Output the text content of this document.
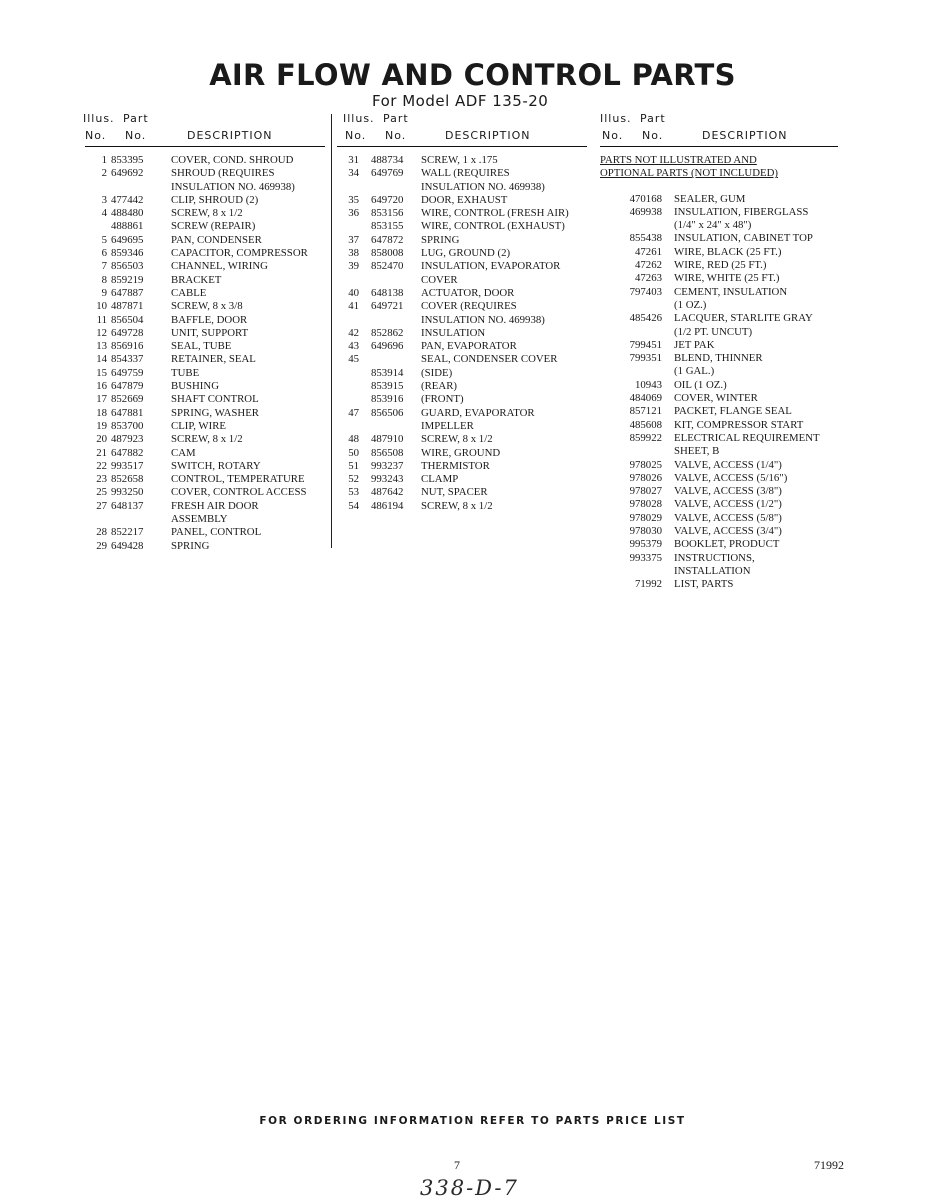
AIR FLOW AND CONTROL PARTS
For Model ADF 135-20
Illus. Part
No. No.	DESCRIPTION
1 853395	COVER, COND. SHROUD
2 649692	SHROUD (REQUIRES
INSULATION NO. 469938)
3 477442	CLIP, SHROUD (2)
4 488480	SCREW, 8 x 1/2
488861	SCREW (REPAIR)
5 649695	PAN, CONDENSER
6 859346	CAPACITOR, COMPRESSOR
7 856503	CHANNEL, WIRING
8 859219	BRACKET
9 647887	CABLE
10 487871	SCREW, 8 x 3/8
11 856504	BAFFLE, DOOR
12 649728	UNIT, SUPPORT
13 856916	SEAL, TUBE
14 854337	RETAINER, SEAL
15 649759	TUBE
16 647879	BUSHING
17 852669	SHAFT CONTROL
18 647881	SPRING, WASHER
19 853700	CLIP, WIRE
20 487923	SCREW, 8 x 1/2
21 647882	CAM
22 993517	SWITCH, ROTARY
23 852658	CONTROL, TEMPERATURE
25 993250	COVER, CONTROL ACCESS
27 648137	FRESH AIR DOOR
ASSEMBLY
28 852217	PANEL, CONTROL
29 649428	SPRING
Illus. Part
No. No.	DESCRIPTION
31 488734 SCREW, 1 x .175
34 649769 WALL (REQUIRES
INSULATION NO. 469938)
35 649720 DOOR, EXHAUST
36 853156 WIRE, CONTROL (FRESH AIR)
853155 WIRE, CONTROL (EXHAUST)
37 647872 SPRING
38 858008 LUG, GROUND (2)
39 852470 INSULATION, EVAPORATOR
COVER
40 648138 ACTUATOR, DOOR
41 649721 COVER (REQUIRES
INSULATION NO. 469938)
42 852862 INSULATION
43 649696 PAN, EVAPORATOR
45	SEAL, CONDENSER COVER
853914 (SIDE)
853915 (REAR)
853916 (FRONT)
47 856506 GUARD, EVAPORATOR
IMPELLER
48 487910 SCREW, 8 x 1/2
50 856508 WIRE, GROUND
51 993237 THERMISTOR
52 993243 CLAMP
53 487642 NUT, SPACER
54 486194 SCREW, 8 x 1/2
Illus. Part
No. No.	DESCRIPTION
PARTS NOT ILLUSTRATED AND
OPTIONAL PARTS (NOT INCLUDED)
470168 SEALER, GUM
469938 INSULATION, FIBERGLASS
(1/4" x 24" x 48")
855438 INSULATION, CABINET TOP
47261 WIRE, BLACK (25 FT.)
47262 WIRE, RED (25 FT.)
47263 WIRE, WHITE (25 FT.)
797403 CEMENT, INSULATION
(1 OZ.)
485426 LACQUER, STARLITE GRAY
(1/2 PT. UNCUT)
799451 JET PAK
799351 BLEND, THINNER
(1 GAL.)
10943 OIL (1 OZ.)
484069 COVER, WINTER
857121 PACKET, FLANGE SEAL
485608 KIT, COMPRESSOR START
859922 ELECTRICAL REQUIREMENT
SHEET, B
978025 VALVE, ACCESS (1/4")
978026 VALVE, ACCESS (5/16")
978027 VALVE, ACCESS (3/8")
978028 VALVE, ACCESS (1/2")
978029 VALVE, ACCESS (5/8")
978030 VALVE, ACCESS (3/4")
995379 BOOKLET, PRODUCT
993375 INSTRUCTIONS,
INSTALLATION
71992 LIST, PARTS
FOR ORDERING INFORMATION REFER TO PARTS PRICE LIST
7	71992
338-D-7
